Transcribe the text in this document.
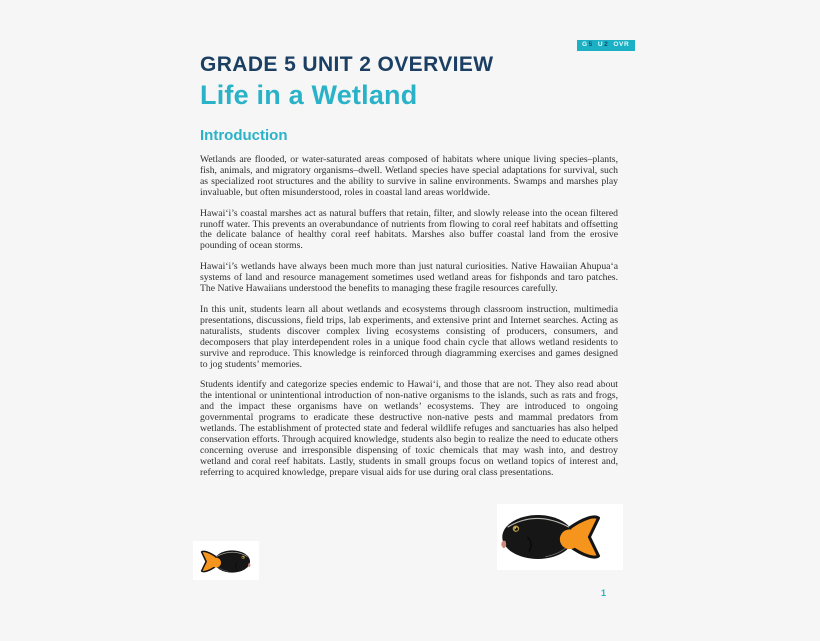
G 5 U 2 OVR
GRADE 5 UNIT 2 OVERVIEW
Life in a Wetland
Introduction

Wetlands are flooded, or water-saturated areas composed of habitats where unique living species–plants, fish, animals, and migratory organisms–dwell. Wetland species have special adaptations for survival, such as specialized root structures and the ability to survive in saline environments. Swamps and marshes play invaluable, but often misunderstood, roles in coastal land areas worldwide.

Hawai‘i’s coastal marshes act as natural buffers that retain, filter, and slowly release into the ocean filtered runoff water. This prevents an overabundance of nutrients from flowing to coral reef habitats and offsetting the delicate balance of healthy coral reef habitats. Marshes also buffer coastal land from the erosive pounding of ocean storms.

Hawai‘i’s wetlands have always been much more than just natural curiosities. Native Hawaiian Ahupua‘a systems of land and resource management sometimes used wetland areas for fishponds and taro patches. The Native Hawaiians understood the benefits to managing these fragile resources carefully.

In this unit, students learn all about wetlands and ecosystems through classroom instruction, multimedia presentations, discussions, field trips, lab experiments, and extensive print and Internet searches. Acting as naturalists, students discover complex living ecosystems consisting of producers, consumers, and decomposers that play interdependent roles in a unique food chain cycle that allows wetland residents to survive and reproduce. This knowledge is reinforced through diagramming exercises and games designed to jog students’ memories.

Students identify and categorize species endemic to Hawai‘i, and those that are not. They also read about the intentional or unintentional introduction of non-native organisms to the islands, such as rats and frogs, and the impact these organisms have on wetlands’ ecosystems. They are introduced to ongoing governmental programs to eradicate these destructive non-native pests and mammal predators from wetlands. The establishment of protected state and federal wildlife refuges and sanctuaries has also helped conservation efforts. Through acquired knowledge, students also begin to realize the need to educate others concerning overuse and irresponsible dispensing of toxic chemicals that may wash into, and destroy wetland and coral reef habitats. Lastly, students in small groups focus on wetland topics of interest and, referring to acquired knowledge, prepare visual aids for use during oral class presentations.

1
